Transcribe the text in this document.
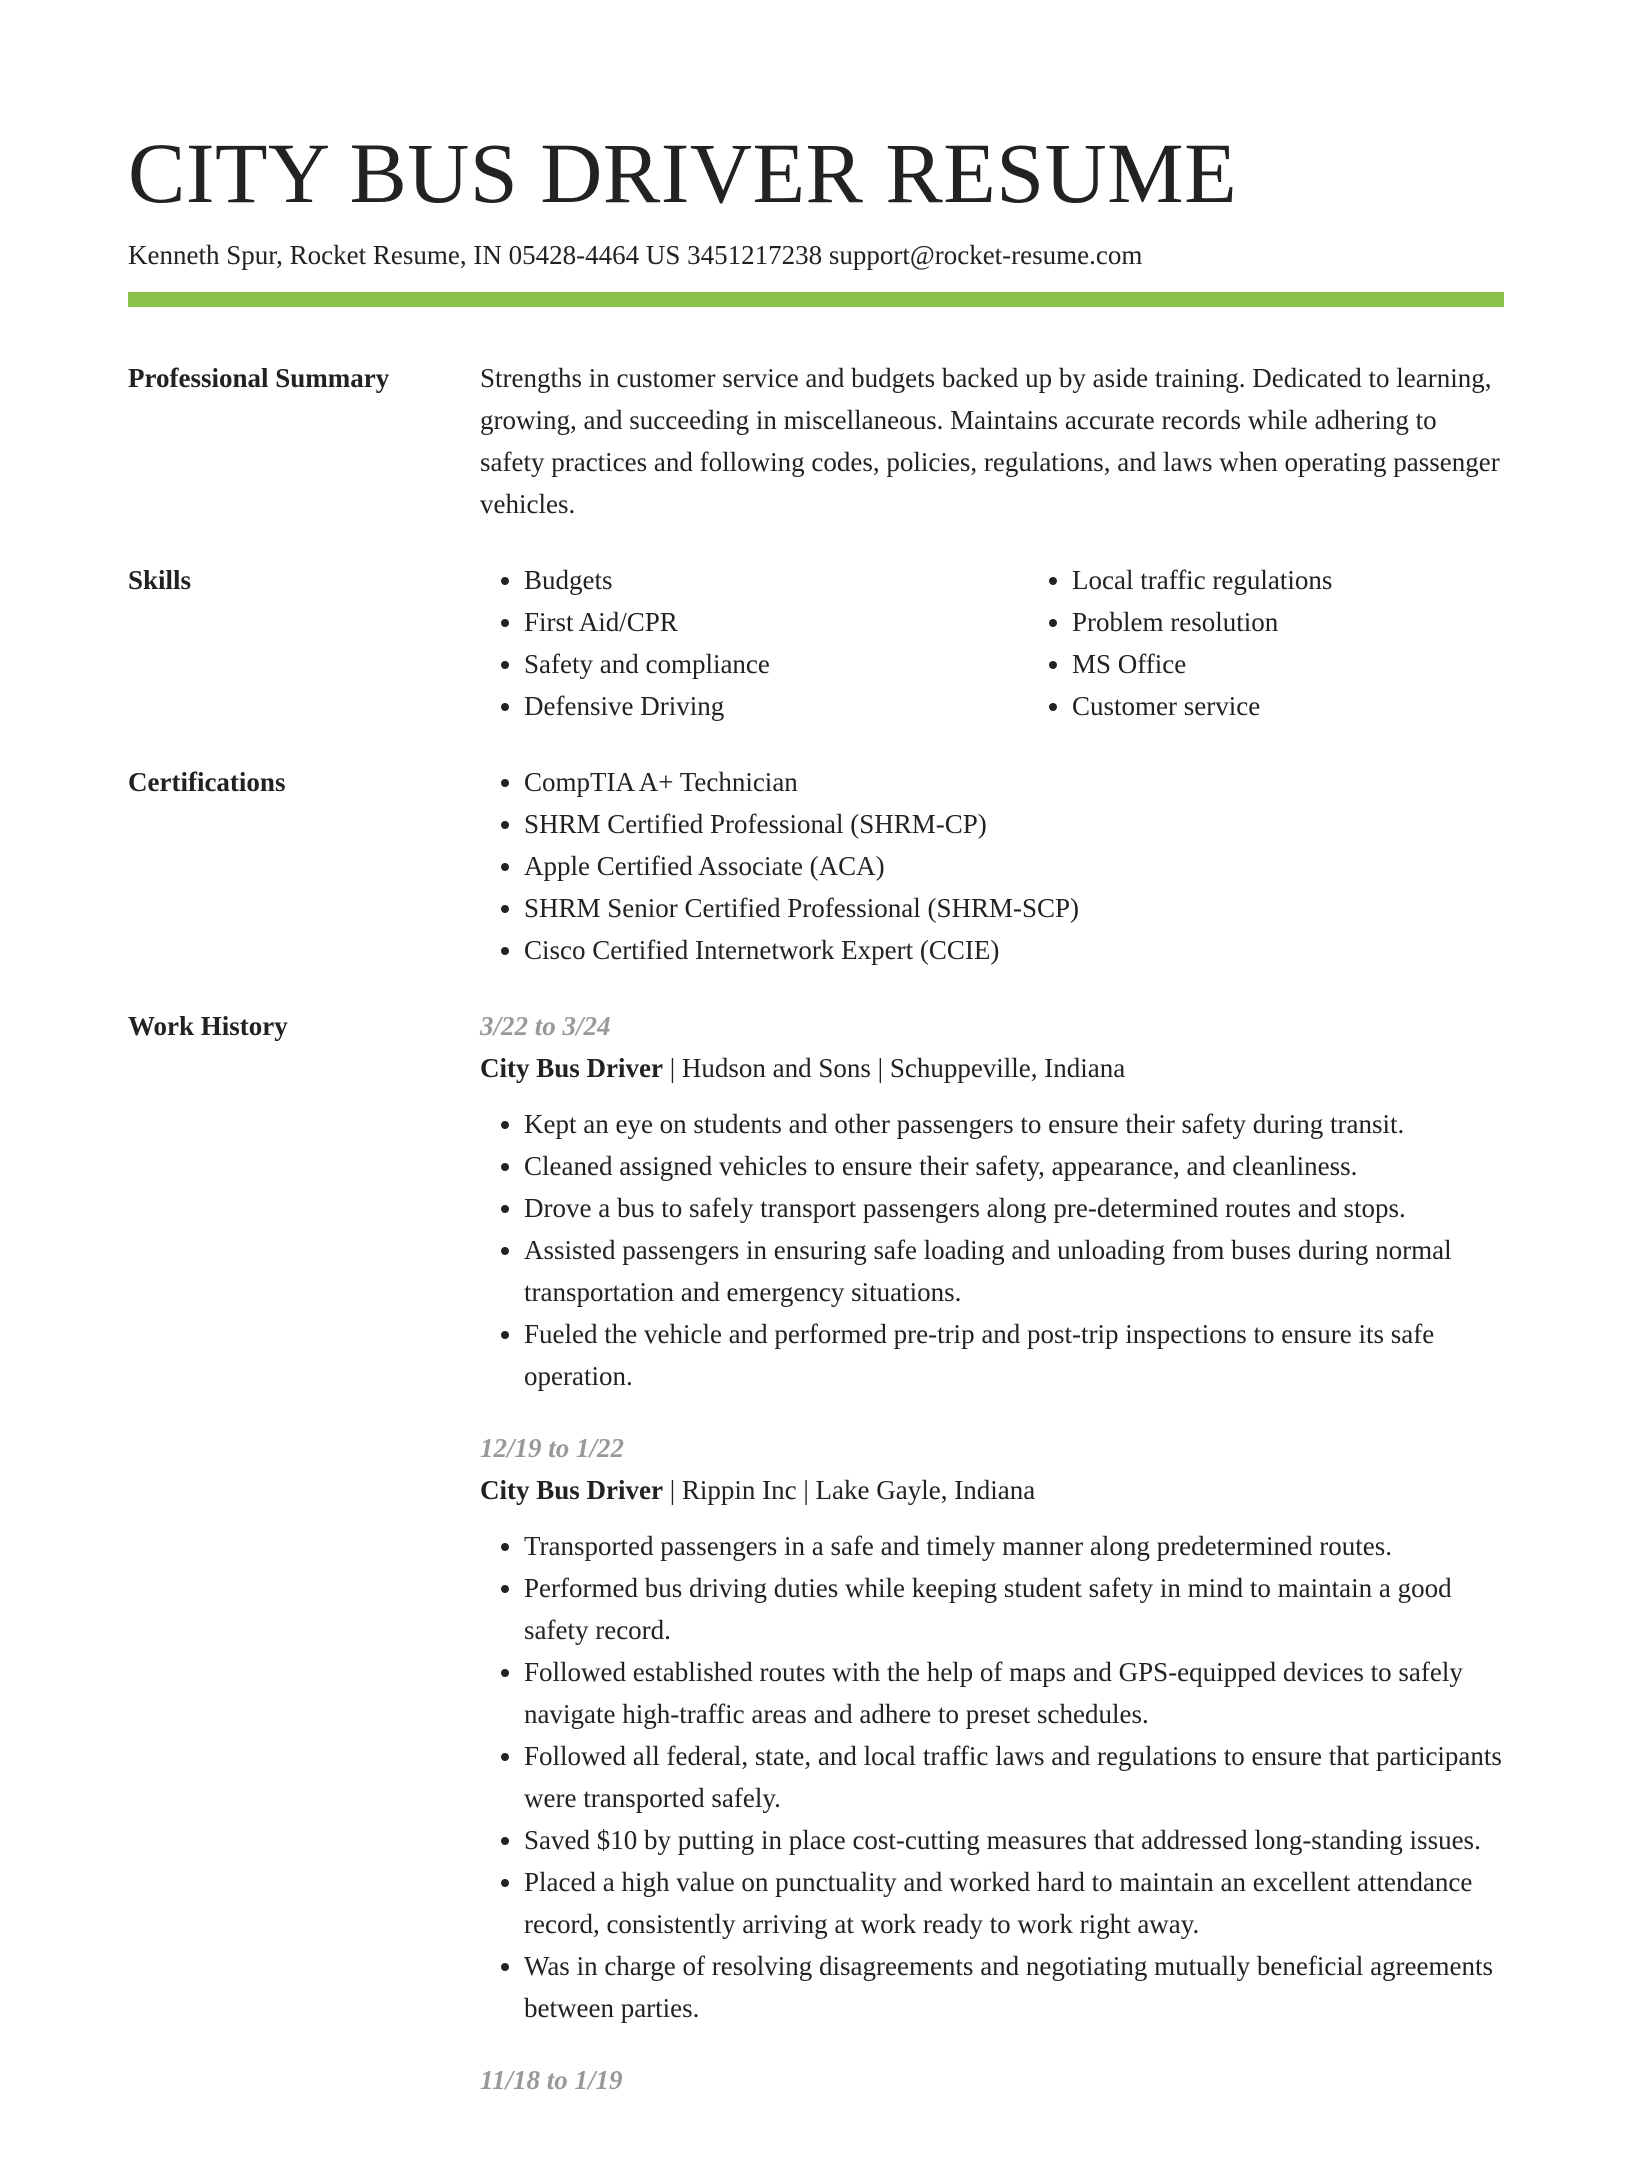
CITY BUS DRIVER RESUME
Kenneth Spur, Rocket Resume, IN 05428-4464 US 3451217238 support@rocket-resume.com
Professional Summary	Strengths in customer service and budgets backed up by aside training. Dedicated to learning, growing, and succeeding in miscellaneous. Maintains accurate records while adhering to safety practices and following codes, policies, regulations, and laws when operating passenger vehicles.

Skills	• Budgets
• First Aid/CPR
• Safety and compliance
• Defensive Driving
• Local traffic regulations
• Problem resolution
• MS Office
• Customer service
Certifications	• CompTIA A+ Technician
• SHRM Certified Professional (SHRM-CP)
• Apple Certified Associate (ACA)
• SHRM Senior Certified Professional (SHRM-SCP)
• Cisco Certified Internetwork Expert (CCIE)
Work History	3/22 to 3/24
City Bus Driver | Hudson and Sons | Schuppeville, Indiana
• Kept an eye on students and other passengers to ensure their safety during transit.
• Cleaned assigned vehicles to ensure their safety, appearance, and cleanliness.
• Drove a bus to safely transport passengers along pre-determined routes and stops.
• Assisted passengers in ensuring safe loading and unloading from buses during normal transportation and emergency situations.
• Fueled the vehicle and performed pre-trip and post-trip inspections to ensure its safe operation.
12/19 to 1/22
City Bus Driver | Rippin Inc | Lake Gayle, Indiana
• Transported passengers in a safe and timely manner along predetermined routes.
• Performed bus driving duties while keeping student safety in mind to maintain a good safety record.
• Followed established routes with the help of maps and GPS-equipped devices to safely navigate high-traffic areas and adhere to preset schedules.
• Followed all federal, state, and local traffic laws and regulations to ensure that participants were transported safely.
• Saved $10 by putting in place cost-cutting measures that addressed long-standing issues.
• Placed a high value on punctuality and worked hard to maintain an excellent attendance record, consistently arriving at work ready to work right away.
• Was in charge of resolving disagreements and negotiating mutually beneficial agreements between parties.
11/18 to 1/19
